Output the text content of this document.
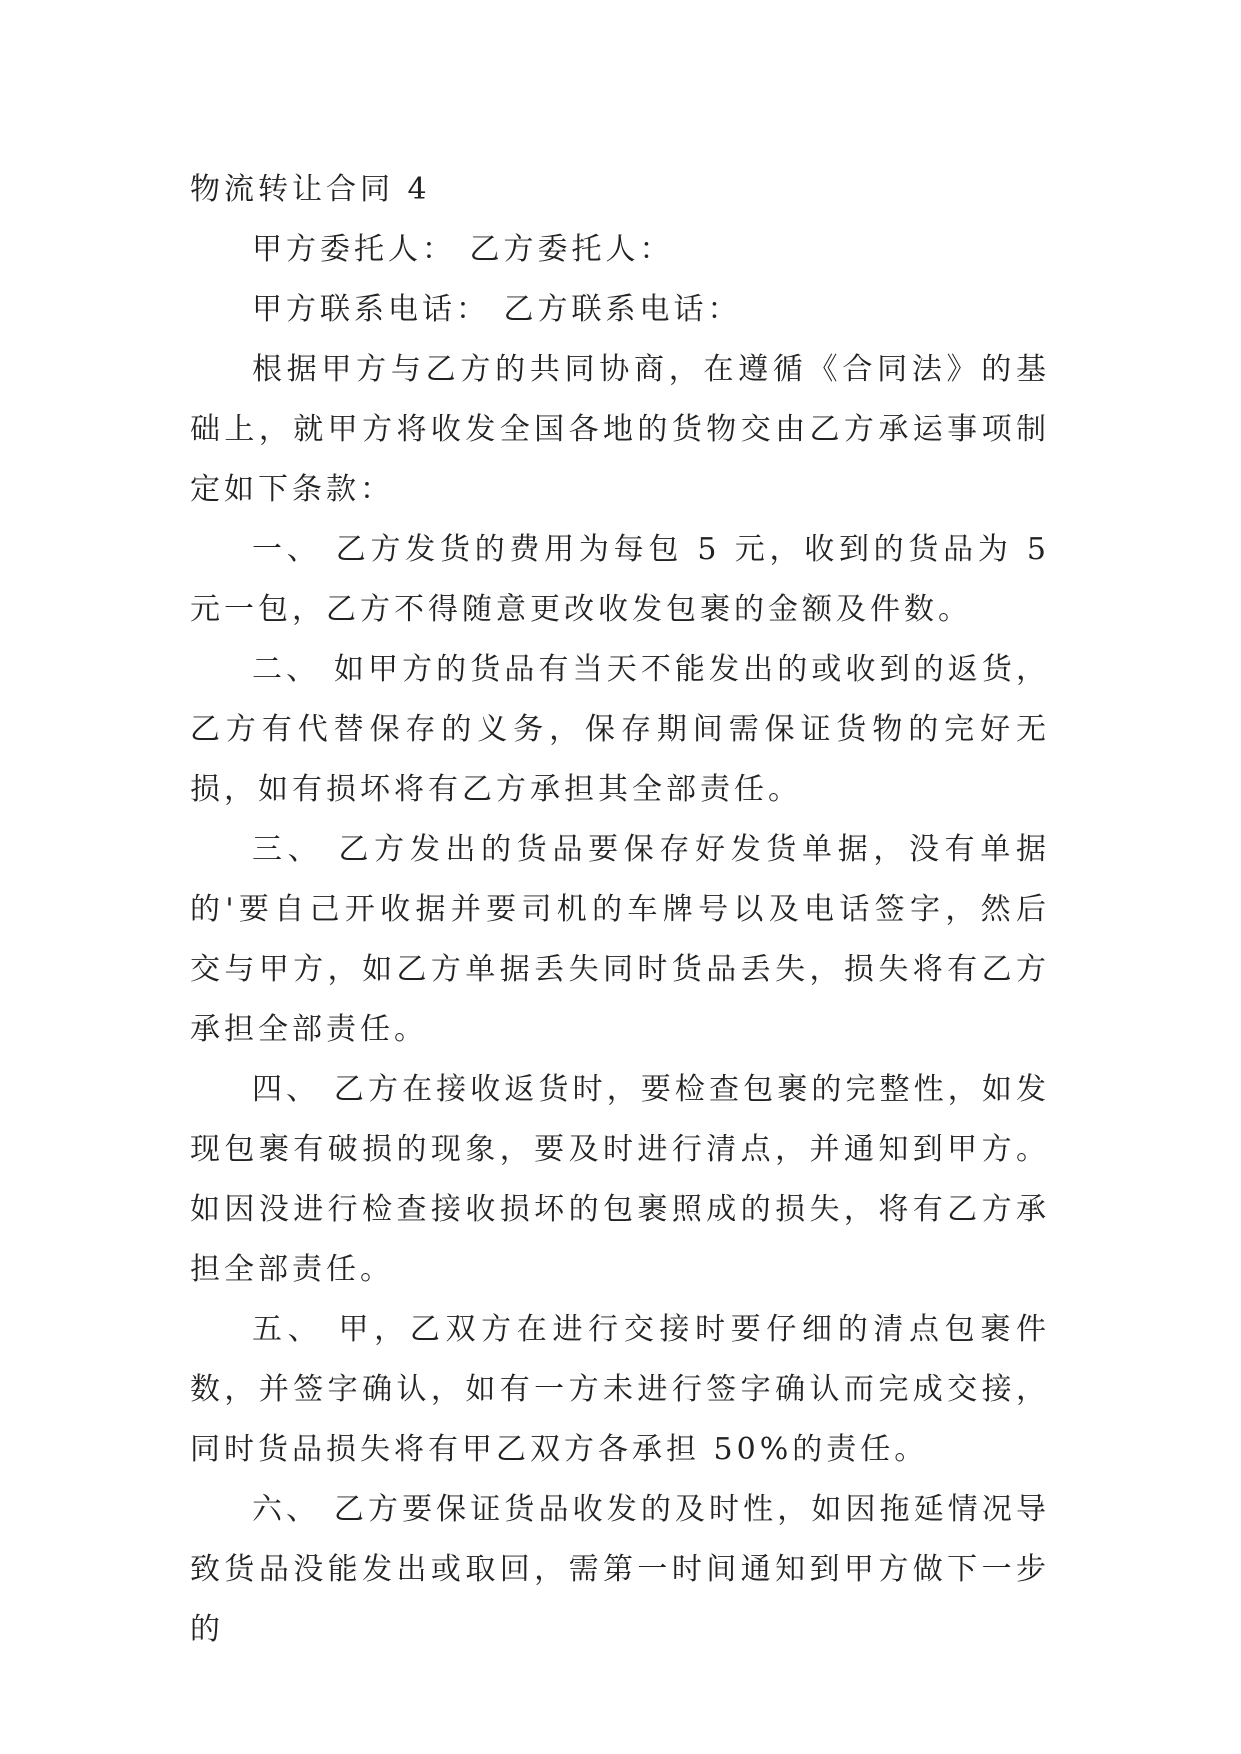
物流转让合同 4

甲方委托人： 乙方委托人：

甲方联系电话： 乙方联系电话：

根据甲方与乙方的共同协商，在遵循《合同法》的基础上，就甲方将收发全国各地的货物交由乙方承运事项制定如下条款：

一、 乙方发货的费用为每包 5 元，收到的货品为 5 元一包，乙方不得随意更改收发包裹的金额及件数。

二、 如甲方的货品有当天不能发出的或收到的返货，乙方有代替保存的义务，保存期间需保证货物的完好无损，如有损坏将有乙方承担其全部责任。

三、 乙方发出的货品要保存好发货单据，没有单据的'要自己开收据并要司机的车牌号以及电话签字，然后交与甲方，如乙方单据丢失同时货品丢失，损失将有乙方承担全部责任。

四、 乙方在接收返货时，要检查包裹的完整性，如发现包裹有破损的现象，要及时进行清点，并通知到甲方。如因没进行检查接收损坏的包裹照成的损失，将有乙方承担全部责任。

五、 甲，乙双方在进行交接时要仔细的清点包裹件数，并签字确认，如有一方未进行签字确认而完成交接，同时货品损失将有甲乙双方各承担 50%的责任。

六、 乙方要保证货品收发的及时性，如因拖延情况导致货品没能发出或取回，需第一时间通知到甲方做下一步的
